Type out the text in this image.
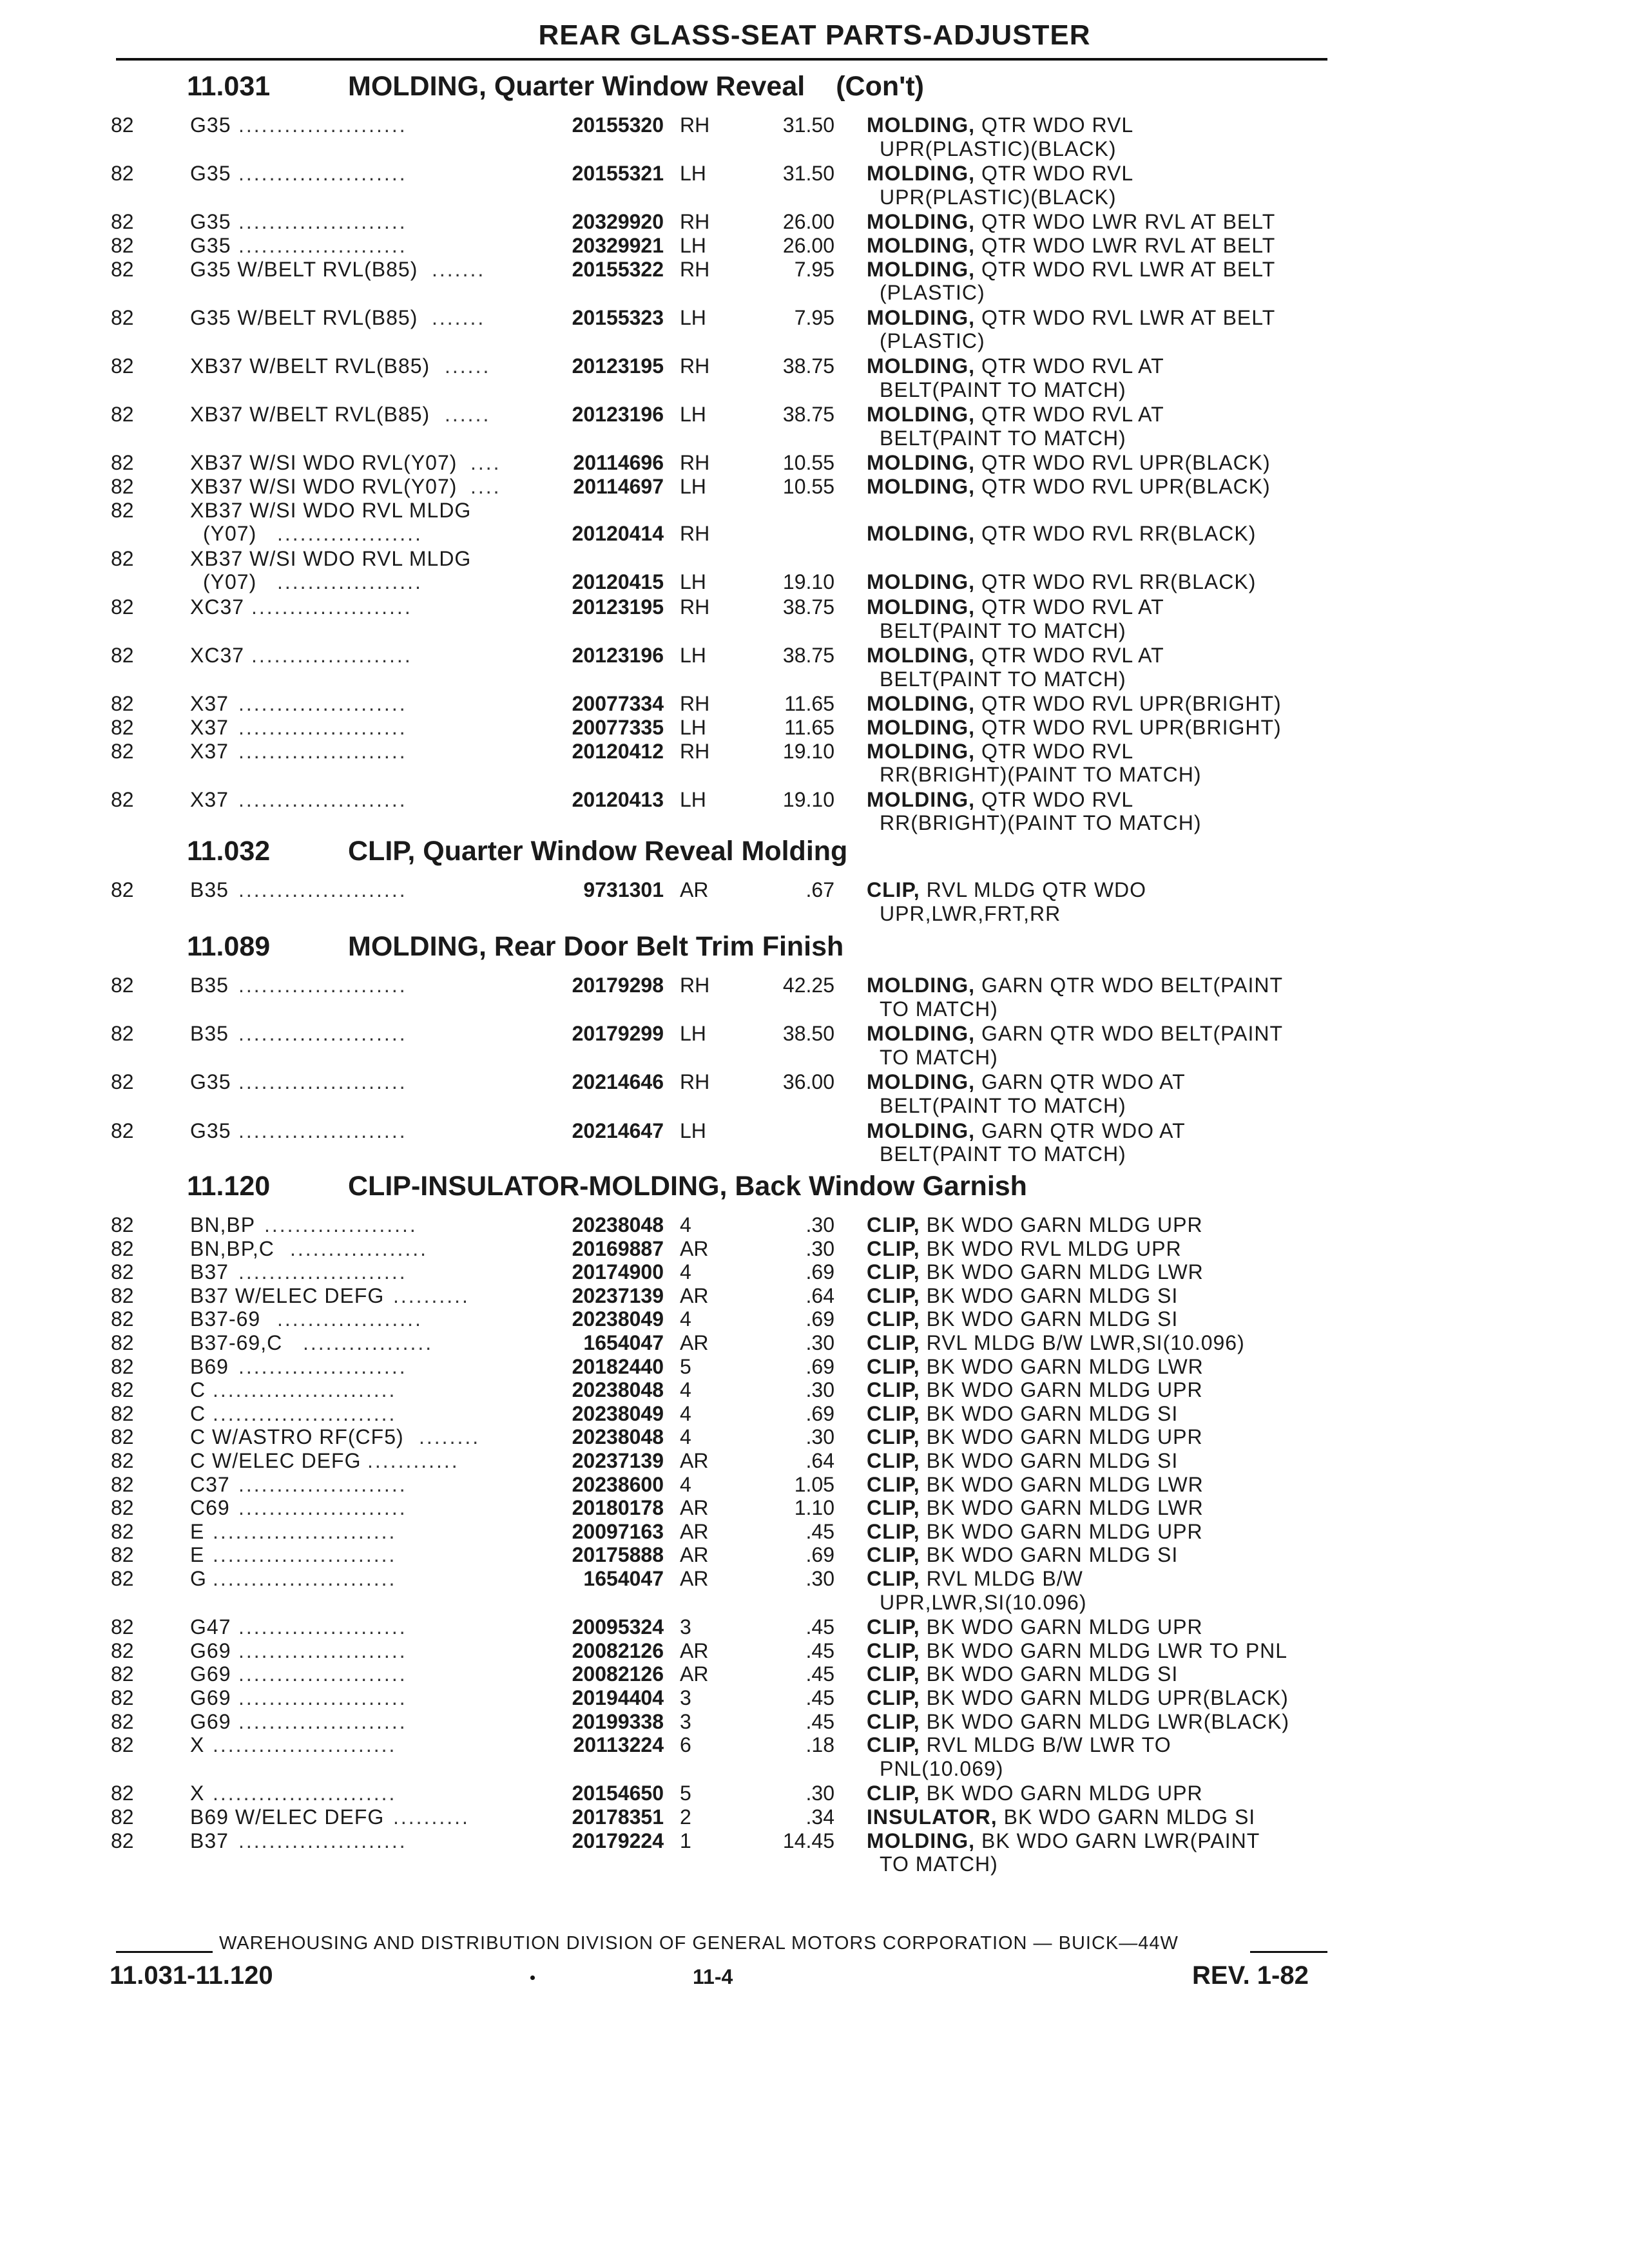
REAR GLASS-SEAT PARTS-ADJUSTER
11.031	MOLDING, Quarter Window Reveal (Con't)
82	G35 ......................	20155320 RH	31.50 MOLDING, QTR WDO RVL
UPR(PLASTIC)(BLACK)
82	G35 ......................	20155321 LH	31.50 MOLDING, QTR WDO RVL
UPR(PLASTIC)(BLACK)
82	G35 ......................	20329920 RH	26.00 MOLDING, QTR WDO LWR RVL AT BELT
82	G35 ......................	20329921 LH	26.00 MOLDING, QTR WDO LWR RVL AT BELT
82	G35 W/BELT RVL(B85) .......	20155322 RH	7.95 MOLDING, QTR WDO RVL LWR AT BELT
(PLASTIC)
82	G35 W/BELT RVL(B85) .......	20155323 LH	7.95 MOLDING, QTR WDO RVL LWR AT BELT
(PLASTIC)
82	XB37 W/BELT RVL(B85) ......	20123195 RH	38.75 MOLDING, QTR WDO RVL AT
BELT(PAINT TO MATCH)
82	XB37 W/BELT RVL(B85) ......	20123196 LH	38.75 MOLDING, QTR WDO RVL AT
BELT(PAINT TO MATCH)
82	XB37 W/SI WDO RVL(Y07) ....	20114696 RH	10.55 MOLDING, QTR WDO RVL UPR(BLACK)
82	XB37 W/SI WDO RVL(Y07) ....	20114697 LH	10.55 MOLDING, QTR WDO RVL UPR(BLACK)
82	XB37 W/SI WDO RVL MLDG
(Y07) ...................	20120414 RH	MOLDING, QTR WDO RVL RR(BLACK)
82	XB37 W/SI WDO RVL MLDG
(Y07) ...................	20120415 LH	19.10 MOLDING, QTR WDO RVL RR(BLACK)
82	XC37 .....................	20123195 RH	38.75 MOLDING, QTR WDO RVL AT
BELT(PAINT TO MATCH)
82	XC37 .....................	20123196 LH	38.75 MOLDING, QTR WDO RVL AT
BELT(PAINT TO MATCH)
82	X37 ......................	20077334 RH	11.65 MOLDING, QTR WDO RVL UPR(BRIGHT)
82	X37 ......................	20077335 LH	11.65 MOLDING, QTR WDO RVL UPR(BRIGHT)
82	X37 ......................	20120412 RH	19.10 MOLDING, QTR WDO RVL
RR(BRIGHT)(PAINT TO MATCH)
82	X37 ......................	20120413 LH	19.10 MOLDING, QTR WDO RVL
RR(BRIGHT)(PAINT TO MATCH)
11.032	CLIP, Quarter Window Reveal Molding
82	B35 ......................	9731301 AR	.67 CLIP, RVL MLDG QTR WDO
UPR,LWR,FRT,RR
11.089	MOLDING, Rear Door Belt Trim Finish
82	B35 ......................	20179298 RH	42.25 MOLDING, GARN QTR WDO BELT(PAINT
TO MATCH)
82	B35 ......................	20179299 LH	38.50 MOLDING, GARN QTR WDO BELT(PAINT
TO MATCH)
82	G35 ......................	20214646 RH	36.00 MOLDING, GARN QTR WDO AT
BELT(PAINT TO MATCH)
82	G35 ......................	20214647 LH	MOLDING, GARN QTR WDO AT
BELT(PAINT TO MATCH)
11.120	CLIP-INSULATOR-MOLDING, Back Window Garnish
82	BN,BP ....................	20238048 4	.30 CLIP, BK WDO GARN MLDG UPR
82	BN,BP,C ..................	20169887 AR	.30 CLIP, BK WDO RVL MLDG UPR
82	B37 ......................	20174900 4	.69 CLIP, BK WDO GARN MLDG LWR
82	B37 W/ELEC DEFG ..........	20237139 AR	.64 CLIP, BK WDO GARN MLDG SI
82	B37-69 ...................	20238049 4	.69 CLIP, BK WDO GARN MLDG SI
82	B37-69,C .................	1654047 AR	.30 CLIP, RVL MLDG B/W LWR,SI(10.096)
82	B69 ......................	20182440 5	.69 CLIP, BK WDO GARN MLDG LWR
82	C ........................	20238048 4	.30 CLIP, BK WDO GARN MLDG UPR
82	C ........................	20238049 4	.69 CLIP, BK WDO GARN MLDG SI
82	C W/ASTRO RF(CF5) ........	20238048 4	.30 CLIP, BK WDO GARN MLDG UPR
82	C W/ELEC DEFG ............	20237139 AR	.64 CLIP, BK WDO GARN MLDG SI
82	C37 ......................	20238600 4	1.05 CLIP, BK WDO GARN MLDG LWR
82	C69 ......................	20180178 AR	1.10 CLIP, BK WDO GARN MLDG LWR
82	E ........................	20097163 AR	.45 CLIP, BK WDO GARN MLDG UPR
82	E ........................	20175888 AR	.69 CLIP, BK WDO GARN MLDG SI
82	G ........................	1654047 AR	.30 CLIP, RVL MLDG B/W
UPR,LWR,SI(10.096)
82	G47 ......................	20095324 3	.45 CLIP, BK WDO GARN MLDG UPR
82	G69 ......................	20082126 AR	.45 CLIP, BK WDO GARN MLDG LWR TO PNL
82	G69 ......................	20082126 AR	.45 CLIP, BK WDO GARN MLDG SI
82	G69 ......................	20194404 3	.45 CLIP, BK WDO GARN MLDG UPR(BLACK)
82	G69 ......................	20199338 3	.45 CLIP, BK WDO GARN MLDG LWR(BLACK)
82	X ........................	20113224 6	.18 CLIP, RVL MLDG B/W LWR TO
PNL(10.069)
82	X ........................	20154650 5	.30 CLIP, BK WDO GARN MLDG UPR
82	B69 W/ELEC DEFG ..........	20178351 2	.34 INSULATOR, BK WDO GARN MLDG SI
82	B37 ......................	20179224 1	14.45 MOLDING, BK WDO GARN LWR(PAINT
TO MATCH)
WAREHOUSING AND DISTRIBUTION DIVISION OF GENERAL MOTORS CORPORATION — BUICK—44W
11.031-11.120	11-4	REV. 1-82
